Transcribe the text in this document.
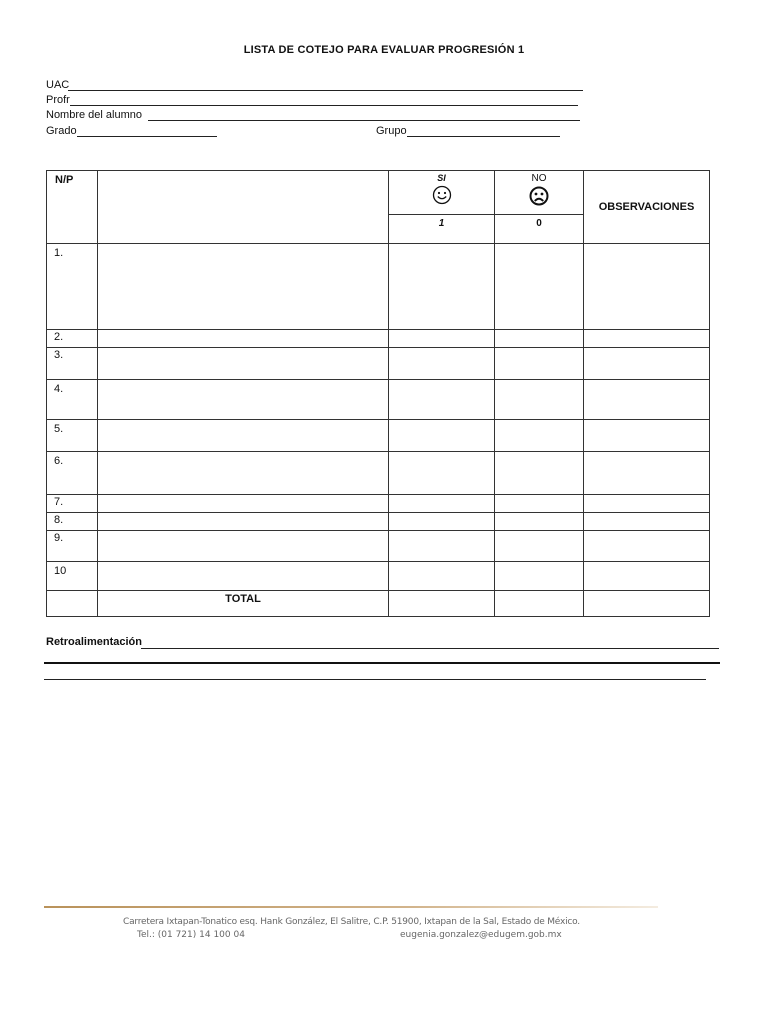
LISTA DE COTEJO PARA EVALUAR PROGRESIÓN 1
UAC
Profr
Nombre del alumno
Grado	Grupo
N/P		SI	NO	OBSERVACIONES
		1	0	
1.				
2.				
3.				
4.				
5.				
6.				
7.				
8.				
9.				
10				
	TOTAL			
Retroalimentación
Carretera Ixtapan-Tonatico esq. Hank González, El Salitre, C.P. 51900, Ixtapan de la Sal, Estado de México.
Tel.: (01 721) 14 100 04	eugenia.gonzalez@edugem.gob.mx
